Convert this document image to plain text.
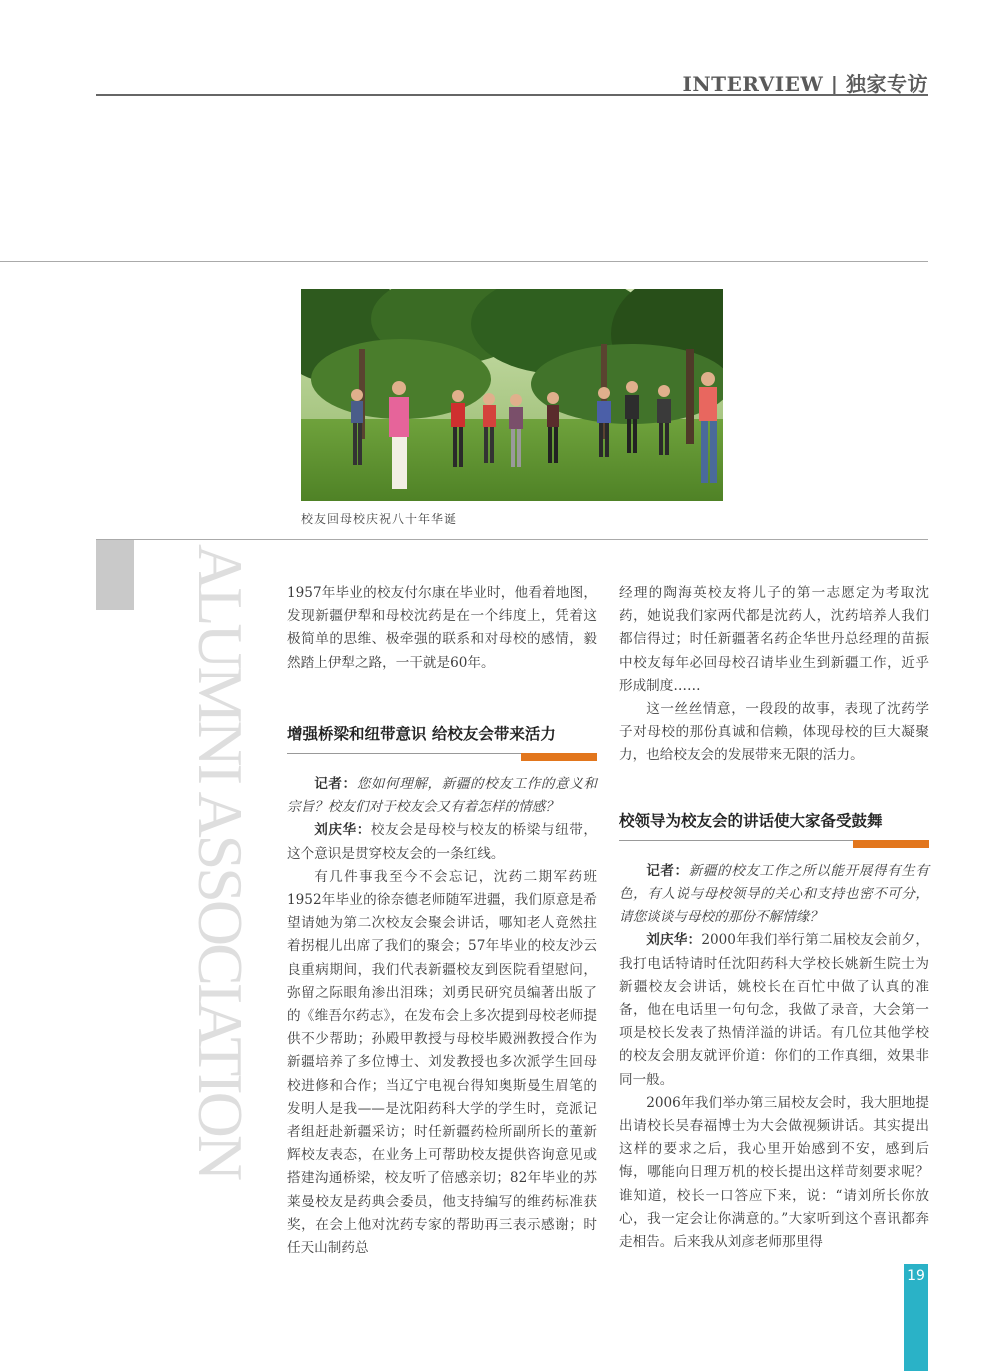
INTERVIEW | 独家专访
校友回母校庆祝八十年华诞
ALUMNI ASSOCIATION 1957年毕业的校友付尔康在毕业时，他看着地图，发现新疆伊犁和母校沈药是在一个纬度上，凭着这极简单的思维、极牵强的联系和对母校的感情，毅然踏上伊犁之路，一干就是60年。

增强桥梁和纽带意识 给校友会带来活力

记者：您如何理解，新疆的校友工作的意义和宗旨？校友们对于校友会又有着怎样的情感？

刘庆华：校友会是母校与校友的桥梁与纽带，这个意识是贯穿校友会的一条红线。

有几件事我至今不会忘记，沈药二期军药班1952年毕业的徐奈德老师随军进疆，我们原意是希望请她为第二次校友会聚会讲话，哪知老人竟然拄着拐棍儿出席了我们的聚会；57年毕业的校友沙云良重病期间，我们代表新疆校友到医院看望慰问，弥留之际眼角渗出泪珠；刘勇民研究员编著出版了的《维吾尔药志》，在发布会上多次提到母校老师提供不少帮助；孙殿甲教授与母校毕殿洲教授合作为新疆培养了多位博士、刘发教授也多次派学生回母校进修和合作；当辽宁电视台得知奥斯曼生眉笔的发明人是我——是沈阳药科大学的学生时，竞派记者组赶赴新疆采访；时任新疆药检所副所长的董新辉校友表态，在业务上可帮助校友提供咨询意见或搭建沟通桥梁，校友听了倍感亲切；82年毕业的苏莱曼校友是药典会委员，他支持编写的维药标准获奖，在会上他对沈药专家的帮助再三表示感谢；时任天山制药总

经理的陶海英校友将儿子的第一志愿定为考取沈药，她说我们家两代都是沈药人，沈药培养人我们都信得过；时任新疆著名药企华世丹总经理的苗振中校友每年必回母校召请毕业生到新疆工作，近乎形成制度……

这一丝丝情意，一段段的故事，表现了沈药学子对母校的那份真诚和信赖，体现母校的巨大凝聚力，也给校友会的发展带来无限的活力。

校领导为校友会的讲话使大家备受鼓舞

记者：新疆的校友工作之所以能开展得有生有色，有人说与母校领导的关心和支持也密不可分，请您谈谈与母校的那份不解情缘？

刘庆华：2000年我们举行第二届校友会前夕，我打电话特请时任沈阳药科大学校长姚新生院士为新疆校友会讲话，姚校长在百忙中做了认真的准备，他在电话里一句句念，我做了录音，大会第一项是校长发表了热情洋溢的讲话。有几位其他学校的校友会朋友就评价道：你们的工作真细，效果非同一般。

2006年我们举办第三届校友会时，我大胆地提出请校长吴春福博士为大会做视频讲话。其实提出这样的要求之后，我心里开始感到不安，感到后悔，哪能向日理万机的校长提出这样苛刻要求呢？谁知道，校长一口答应下来，说：“请刘所长你放心，我一定会让你满意的。”大家听到这个喜讯都奔走相告。后来我从刘彦老师那里得

19
